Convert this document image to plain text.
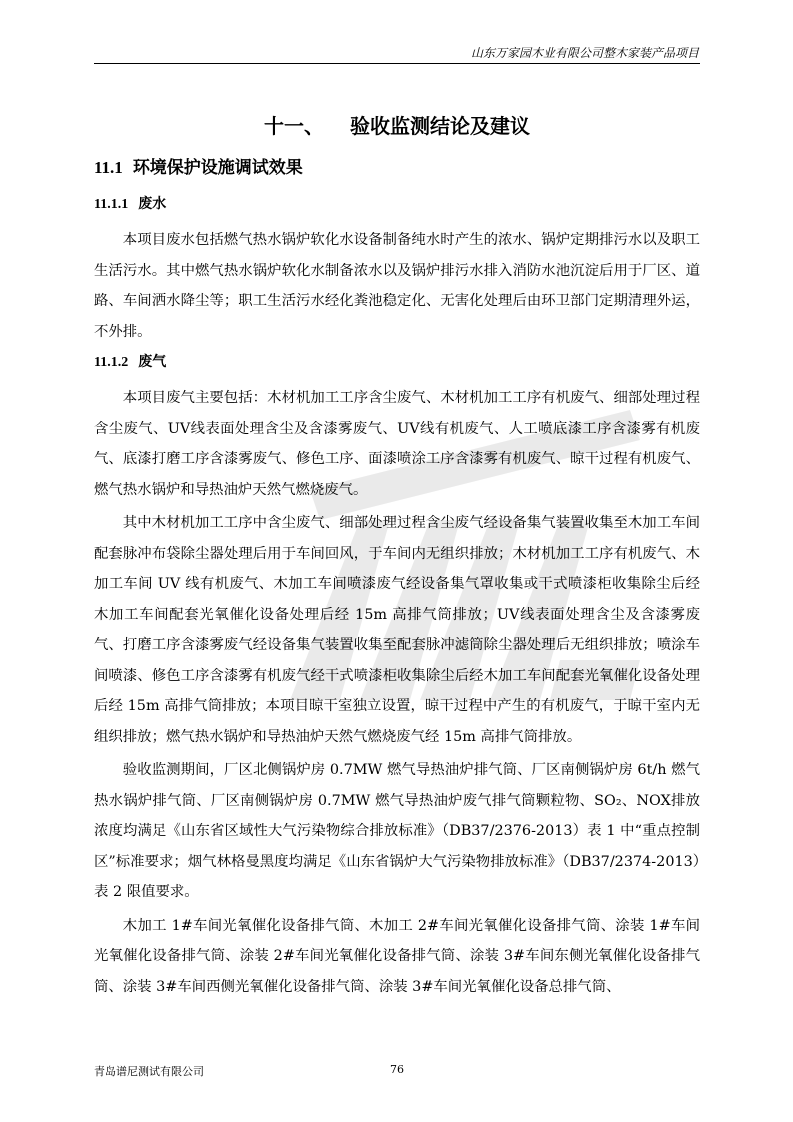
山东万家园木业有限公司整木家装产品项目
十一、 验收监测结论及建议
11.1 环境保护设施调试效果
11.1.1 废水

本项目废水包括燃气热水锅炉软化水设备制备纯水时产生的浓水、锅炉定期排污水以及职工生活污水。其中燃气热水锅炉软化水制备浓水以及锅炉排污水排入消防水池沉淀后用于厂区、道路、车间洒水降尘等；职工生活污水经化粪池稳定化、无害化处理后由环卫部门定期清理外运，不外排。

11.1.2 废气

本项目废气主要包括：木材机加工工序含尘废气、木材机加工工序有机废气、细部处理过程含尘废气、UV线表面处理含尘及含漆雾废气、UV线有机废气、人工喷底漆工序含漆雾有机废气、底漆打磨工序含漆雾废气、修色工序、面漆喷涂工序含漆雾有机废气、晾干过程有机废气、燃气热水锅炉和导热油炉天然气燃烧废气。

其中木材机加工工序中含尘废气、细部处理过程含尘废气经设备集气装置收集至木加工车间配套脉冲布袋除尘器处理后用于车间回风，于车间内无组织排放；木材机加工工序有机废气、木加工车间 UV 线有机废气、木加工车间喷漆废气经设备集气罩收集或干式喷漆柜收集除尘后经木加工车间配套光氧催化设备处理后经 15m 高排气筒排放；UV线表面处理含尘及含漆雾废气、打磨工序含漆雾废气经设备集气装置收集至配套脉冲滤筒除尘器处理后无组织排放；喷涂车间喷漆、修色工序含漆雾有机废气经干式喷漆柜收集除尘后经木加工车间配套光氧催化设备处理后经 15m 高排气筒排放；本项目晾干室独立设置，晾干过程中产生的有机废气，于晾干室内无组织排放；燃气热水锅炉和导热油炉天然气燃烧废气经 15m 高排气筒排放。

验收监测期间，厂区北侧锅炉房 0.7MW 燃气导热油炉排气筒、厂区南侧锅炉房 6t/h 燃气热水锅炉排气筒、厂区南侧锅炉房 0.7MW 燃气导热油炉废气排气筒颗粒物、SO₂、NOX排放浓度均满足《山东省区域性大气污染物综合排放标准》（DB37/2376-2013）表 1 中“重点控制区”标准要求；烟气林格曼黑度均满足《山东省锅炉大气污染物排放标准》（DB37/2374-2013）表 2 限值要求。

木加工 1#车间光氧催化设备排气筒、木加工 2#车间光氧催化设备排气筒、涂装 1#车间光氧催化设备排气筒、涂装 2#车间光氧催化设备排气筒、涂装 3#车间东侧光氧催化设备排气筒、涂装 3#车间西侧光氧催化设备排气筒、涂装 3#车间光氧催化设备总排气筒、

青岛谱尼测试有限公司	76
